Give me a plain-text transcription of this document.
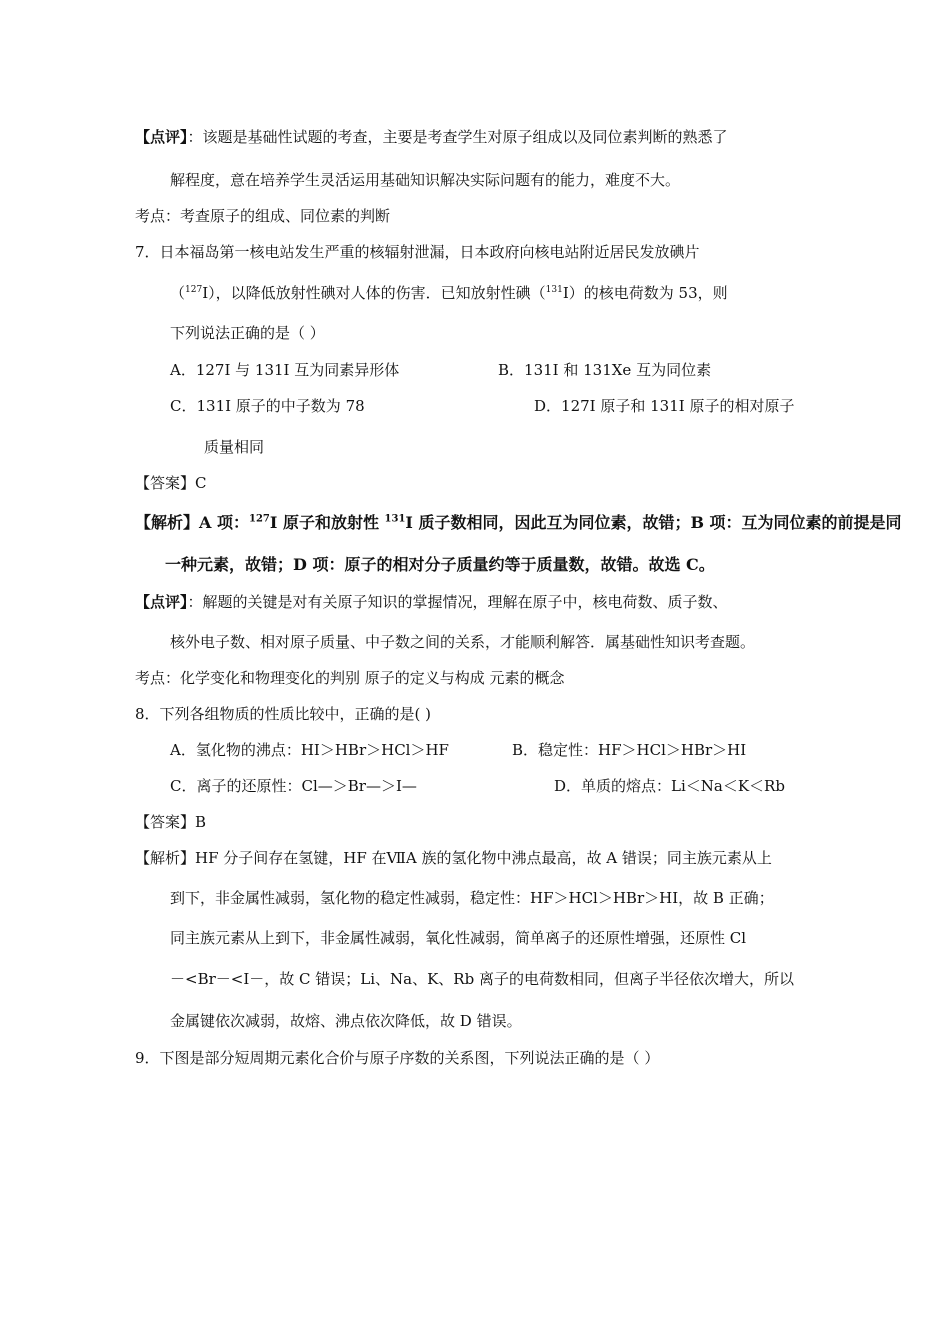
【点评】：该题是基础性试题的考查，主要是考查学生对原子组成以及同位素判断的熟悉了
解程度，意在培养学生灵活运用基础知识解决实际问题有的能力，难度不大。
考点：考查原子的组成、同位素的判断
7．日本福岛第一核电站发生严重的核辐射泄漏，日本政府向核电站附近居民发放碘片
（$^{127}$I），以降低放射性碘对人体的伤害．已知放射性碘（$^{131}$I）的核电荷数为 53，则
下列说法正确的是（ ）
A．127I 与 131I 互为同素异形体	B．131I 和 131Xe 互为同位素
C．131I 原子的中子数为 78	D．127I 原子和 131I 原子的相对原子
质量相同
【答案】C
【解析】A 项：$^{127}$I 原子和放射性 $^{131}$I 质子数相同，因此互为同位素，故错；B 项：互为同位素的前提是同
一种元素，故错；D 项：原子的相对分子质量约等于质量数，故错。故选 C。
【点评】：解题的关键是对有关原子知识的掌握情况，理解在原子中，核电荷数、质子数、
核外电子数、相对原子质量、中子数之间的关系，才能顺利解答．属基础性知识考查题。
考点：化学变化和物理变化的判别 原子的定义与构成 元素的概念
8．下列各组物质的性质比较中，正确的是( )
A．氢化物的沸点：HI＞HBr＞HCl＞HF	B．稳定性：HF＞HCl＞HBr＞HI
C．离子的还原性：Cl—＞Br—＞I—	D．单质的熔点：Li＜Na＜K＜Rb
【答案】B
【解析】HF 分子间存在氢键，HF 在ⅦA 族的氢化物中沸点最高，故 A 错误；同主族元素从上
到下，非金属性减弱，氢化物的稳定性减弱，稳定性：HF＞HCl＞HBr＞HI，故 B 正确；
同主族元素从上到下，非金属性减弱，氧化性减弱，简单离子的还原性增强，还原性 Cl
－<Br－<I－，故 C 错误；Li、Na、K、Rb 离子的电荷数相同，但离子半径依次增大，所以
金属键依次减弱，故熔、沸点依次降低，故 D 错误。
9．下图是部分短周期元素化合价与原子序数的关系图，下列说法正确的是（ ）
